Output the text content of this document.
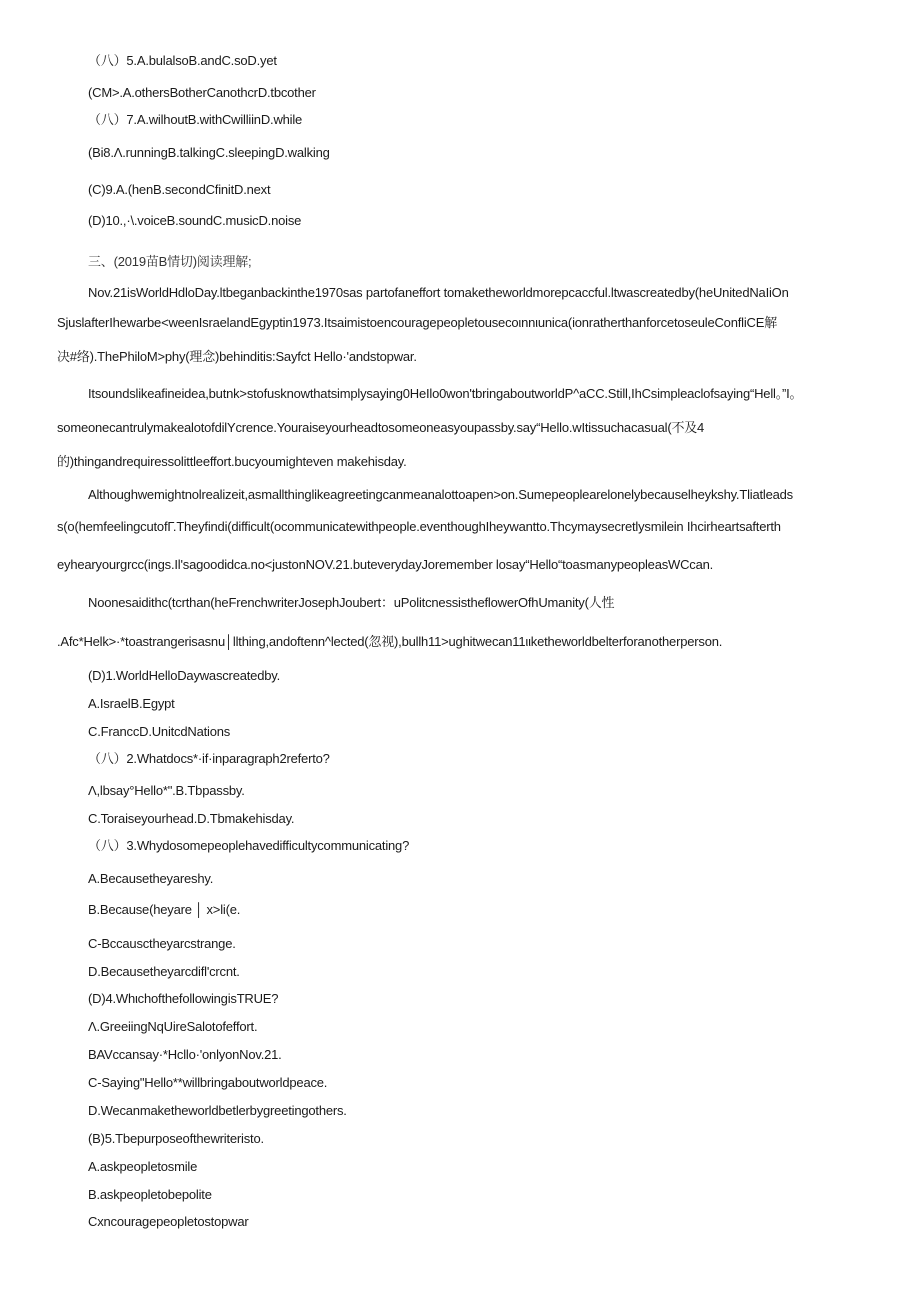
（八）5.A.bulalsoB.andC.soD.yet
(CM>.A.othersBotherCanothcrD.tbcother
（八）7.A.wilhoutB.withCwilliinD.while
(Bi8.Λ.runningB.talkingC.sleepingD.walking
(C)9.A.(henB.secondCfinitD.next
(D)10.,·\.voiceB.soundC.musicD.noise
三、(2019苗B情切)阅读理解;
Nov.21isWorldHdloDay.ltbeganbackinthe1970sas partofaneffort tomaketheworldmorepcaccful.ltwascreatedby(heUnitedNaIiOn
SjuslafterIhewarbe<weenIsraelandEgyptin1973.Itsaimistoencouragepeopletousecoιnnιunica(ionratherthanforcetoseuleConfliCE解
决#络).ThePhiloM>phy(理念)behinditis:Sayfct Hello·'andstopwar.
Itsoundslikeafineidea,butnk>stofusknowthatsimplysaying0HeIlo0won'tbringaboutworldP^aCC.Still,IhCsimpleaclofsaying“Hell。”I。
someonecantrulymakealotofdilYcrence.Youraiseyourheadtosomeoneasyoupassby.say“Hello.wItissuchacasual(不及4
的)thingandrequiressolittleeffort.bucyoumighteven makehisday.
Althoughwemightnolrealizeit,asmallthinglikeagreetingcanmeanalottoapen>on.Sumepeoplearelonelybecauselheykshy.Tliatleads
s(o(hemfeelingcutofΓ.Theyfindi(difficult(ocommunicatewithpeople.eventhoughIheywantto.Thcymaysecretlysmilein Ihcirheartsafterth
eyhearyourgrcc(ings.Il'sagoodidca.no<justonNOV.21.buteverydayJoremember losay“Hello“toasmanypeopleasWCcan.
Noonesaidithc(tcrthan(heFrenchwriterJosephJoubert：uPolitcnessistheflowerOfhUmanity(人性
.Afc*Helk>·*toastrangerisasnu│llthing,andoftenn^lected(忽视),bullh11>ughitwecan11ιιketheworldbelterforanotherperson.
(D)1.WorldHelloDaywascreatedby.
A.IsraelB.Egypt
C.FranccD.UnitcdNations
（八）2.Whatdocs*·if·inparagraph2referto?
Λ,lbsay°Hello*".B.Tbpassby.
C.Toraiseyourhead.D.Tbmakehisday.
（八）3.Whydosomepeoplehavedifficultycommunicating?
A.Becausetheyareshy.
B.Because(heyare │ x>li(e.
C-Bccausctheyarcstrange.
D.Becausetheyarcdifl'crcnt.
(D)4.WhιchofthefollowingisTRUE?
Λ.GreeiingNqUireSalotofeffort.
BAVccansay·*Hcllo·'onlyonNov.21.
C-Saying"Hello**willbringaboutworldpeace.
D.Wecanmaketheworldbetlerbygreetingothers.
(B)5.Tbepurposeofthewriteristo.
A.askpeopletosmile
B.askpeopletobepolite
Cxncouragepeopletostopwar
